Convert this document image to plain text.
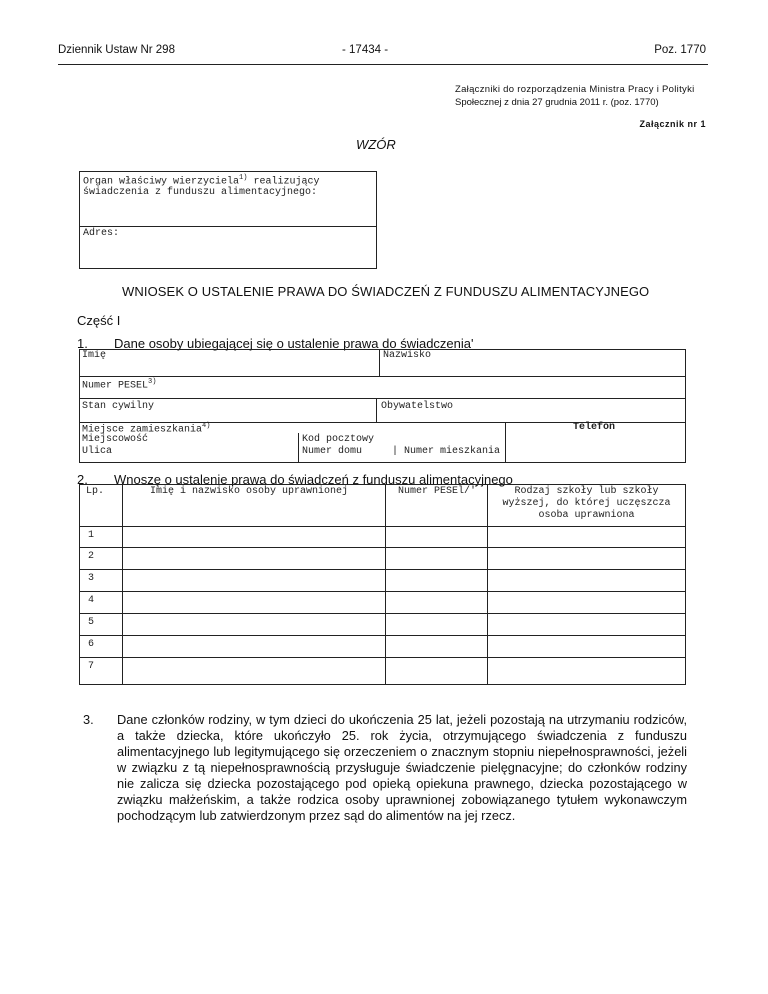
Dziennik Ustaw Nr 298	- 17434 -	Poz. 1770
Załączniki do rozporządzenia Ministra Pracy i Polityki
Społecznej z dnia 27 grudnia 2011 r. (poz. 1770)
Załącznik nr 1
WZÓR
Organ właściwy wierzyciela$^{1)}$ realizujący
świadczenia z funduszu alimentacyjnego:
Adres:
WNIOSEK O USTALENIE PRAWA DO ŚWIADCZEŃ Z FUNDUSZU ALIMENTACYJNEGO
Część I
1. Dane osoby ubiegającej się o ustalenie prawa do świadczenia'
Imię	Nazwisko
Numer PESEL$^{3)}$
Stan cywilny	Obywatelstwo
Miejsce zamieszkania$^{4)}$	Telefon
Miejscowość	Kod pocztowy
Ulica	Numer domu	| Numer mieszkania
2. Wnoszę o ustalenie prawa do świadczeń z funduszu alimentacyjnego
Lp.	Imię i nazwisko osoby uprawnionej	Numer PESEl/'	Rodzaj szkoły lub szkoły
wyższej, do której uczęszcza
osoba uprawniona
1
2
3
4
5
6
7
3. Dane członków rodziny, w tym dzieci do ukończenia 25 lat, jeżeli pozostają na utrzymaniu rodziców, a także dziecka, które ukończyło 25. rok życia, otrzymującego świadczenia z funduszu alimentacyjnego lub legitymującego się orzeczeniem o znacznym stopniu niepełnosprawności, jeżeli w związku z tą niepełnosprawnością przysługuje świadczenie pielęgnacyjne; do członków rodziny nie zalicza się dziecka pozostającego pod opieką opiekuna prawnego, dziecka pozostającego w związku małżeńskim, a także rodzica osoby uprawnionej zobowiązanego tytułem wykonawczym pochodzącym lub zatwierdzonym przez sąd do alimentów na jej rzecz.
